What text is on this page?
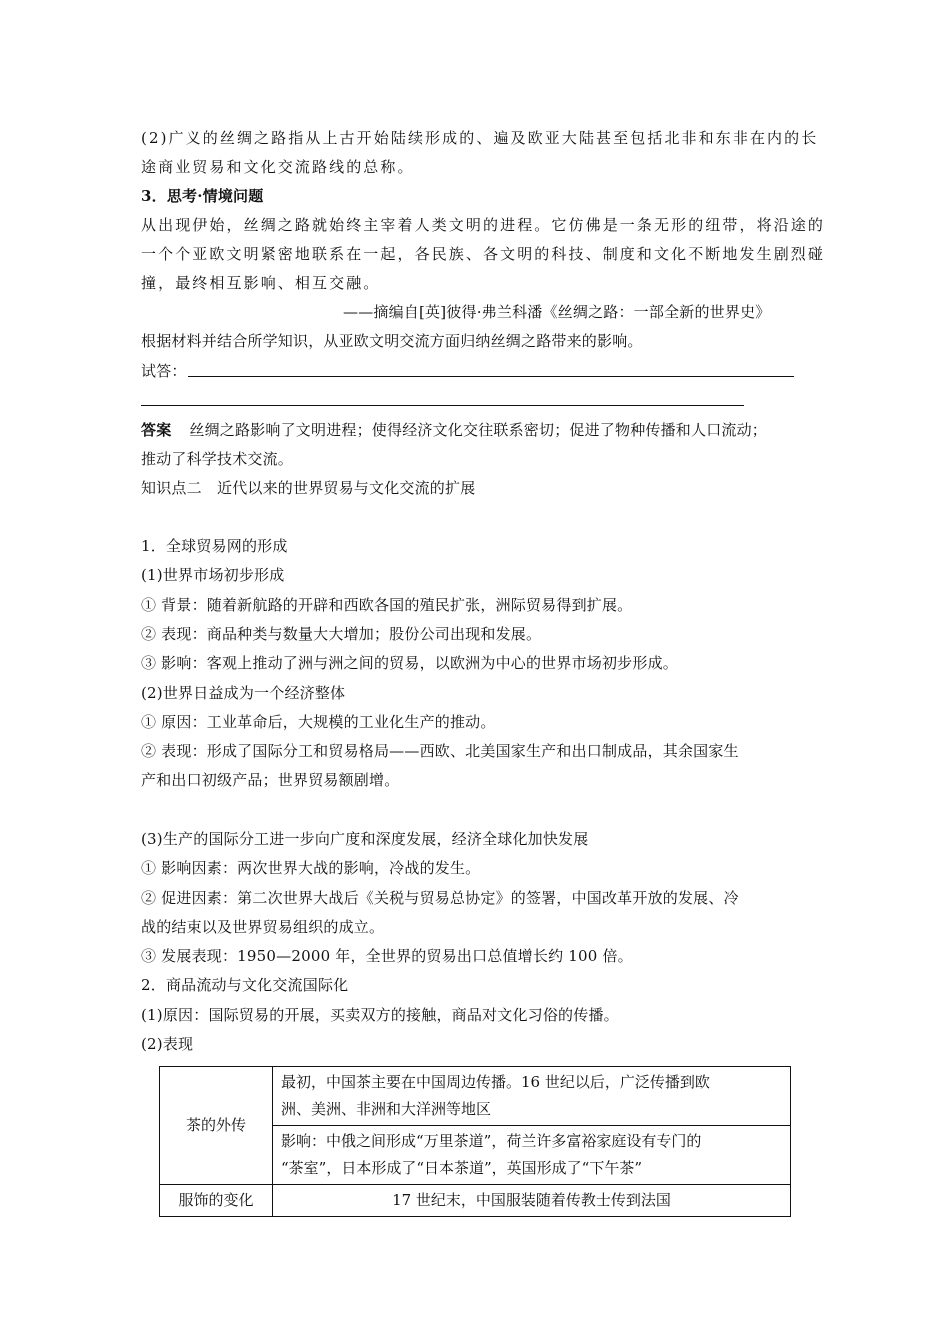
(2)广义的丝绸之路指从上古开始陆续形成的、遍及欧亚大陆甚至包括北非和东非在内的长
途商业贸易和文化交流路线的总称。
3．思考·情境问题
从出现伊始，丝绸之路就始终主宰着人类文明的进程。它仿佛是一条无形的纽带，将沿途的
一个个亚欧文明紧密地联系在一起，各民族、各文明的科技、制度和文化不断地发生剧烈碰
撞，最终相互影响、相互交融。
——摘编自[英]彼得·弗兰科潘《丝绸之路：一部全新的世界史》
根据材料并结合所学知识，从亚欧文明交流方面归纳丝绸之路带来的影响。
试答：
答案 丝绸之路影响了文明进程；使得经济文化交往联系密切；促进了物种传播和人口流动；
推动了科学技术交流。
知识点二　近代以来的世界贸易与文化交流的扩展
1．全球贸易网的形成
(1)世界市场初步形成
① 背景：随着新航路的开辟和西欧各国的殖民扩张，洲际贸易得到扩展。
② 表现：商品种类与数量大大增加；股份公司出现和发展。
③ 影响：客观上推动了洲与洲之间的贸易，以欧洲为中心的世界市场初步形成。
(2)世界日益成为一个经济整体
① 原因：工业革命后，大规模的工业化生产的推动。
② 表现：形成了国际分工和贸易格局——西欧、北美国家生产和出口制成品，其余国家生
产和出口初级产品；世界贸易额剧增。
(3)生产的国际分工进一步向广度和深度发展，经济全球化加快发展
① 影响因素：两次世界大战的影响，冷战的发生。
② 促进因素：第二次世界大战后《关税与贸易总协定》的签署，中国改革开放的发展、冷
战的结束以及世界贸易组织的成立。
③ 发展表现：1950—2000 年，全世界的贸易出口总值增长约 100 倍。
2．商品流动与文化交流国际化
(1)原因：国际贸易的开展，买卖双方的接触，商品对文化习俗的传播。
(2)表现
茶的外传	最初，中国茶主要在中国周边传播。16 世纪以后，广泛传播到欧
洲、美洲、非洲和大洋洲等地区
	影响：中俄之间形成“万里茶道”，荷兰许多富裕家庭设有专门的
“茶室”，日本形成了“日本茶道”，英国形成了“下午茶”
服饰的变化	17 世纪末，中国服装随着传教士传到法国
